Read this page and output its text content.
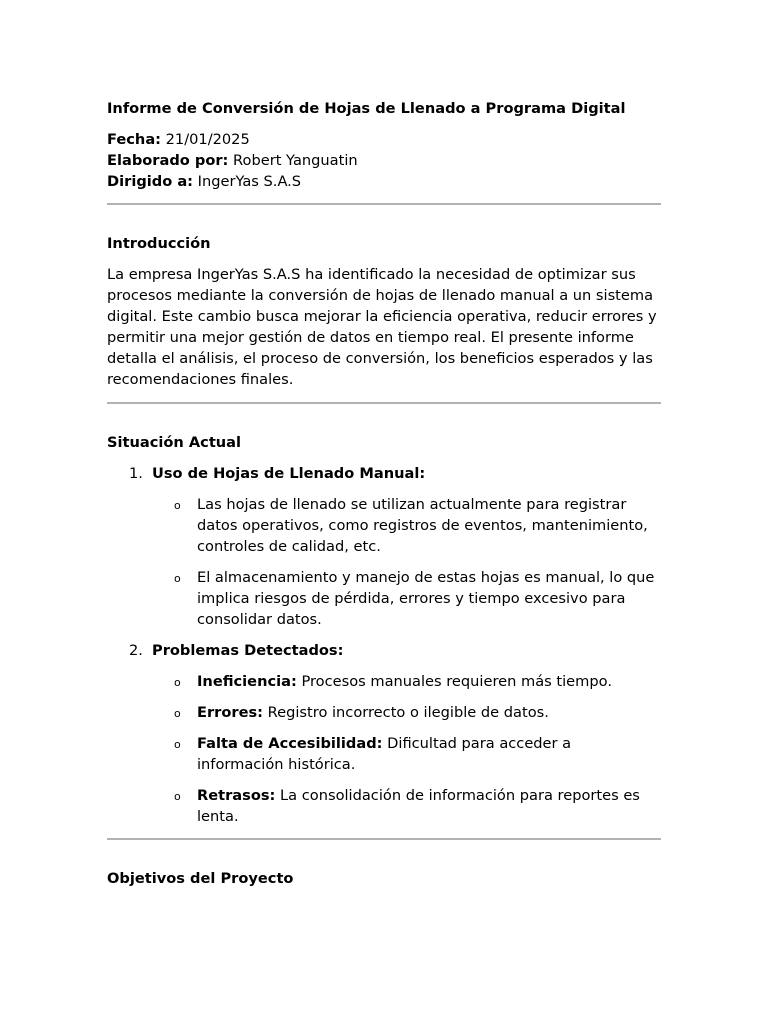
Informe de Conversión de Hojas de Llenado a Programa Digital
Fecha: 21/01/2025
Elaborado por: Robert Yanguatin
Dirigido a: IngerYas S.A.S
Introducción
La empresa IngerYas S.A.S ha identificado la necesidad de optimizar sus procesos mediante la conversión de hojas de llenado manual a un sistema digital. Este cambio busca mejorar la eficiencia operativa, reducir errores y permitir una mejor gestión de datos en tiempo real. El presente informe detalla el análisis, el proceso de conversión, los beneficios esperados y las recomendaciones finales.
Situación Actual
1. Uso de Hojas de Llenado Manual:
o Las hojas de llenado se utilizan actualmente para registrar datos operativos, como registros de eventos, mantenimiento, controles de calidad, etc.
o El almacenamiento y manejo de estas hojas es manual, lo que implica riesgos de pérdida, errores y tiempo excesivo para consolidar datos.
2. Problemas Detectados:
o Ineficiencia: Procesos manuales requieren más tiempo.
o Errores: Registro incorrecto o ilegible de datos.
o Falta de Accesibilidad: Dificultad para acceder a información histórica.
o Retrasos: La consolidación de información para reportes es lenta.
Objetivos del Proyecto
